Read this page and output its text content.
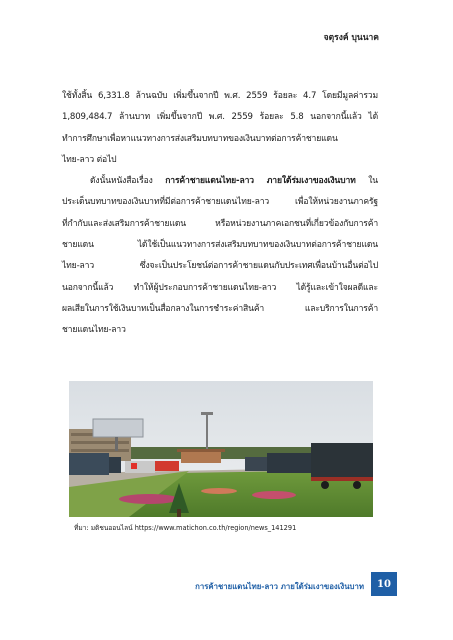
จตุรงค์ บุนนาค

ใช้ทั้งสิ้น 6,331.8 ล้านฉบับ เพิ่มขึ้นจากปี พ.ศ. 2559 ร้อยละ 4.7 โดยมีมูลค่ารวม
1,809,484.7 ล้านบาท เพิ่มขึ้นจากปี พ.ศ. 2559 ร้อยละ 5.8 นอกจากนี้แล้ว ได้
ทำการศึกษาเพื่อหาแนวทางการส่งเสริมบทบาทของเงินบาทต่อการค้าชายแดน
ไทย-ลาว ต่อไป

ดังนั้นหนังสือเรื่อง การค้าชายแดนไทย-ลาว ภายใต้ร่มเงาของเงินบาท ใน
ประเด็นบทบาทของเงินบาทที่มีต่อการค้าชายแดนไทย-ลาว เพื่อให้หน่วยงานภาครัฐ
ที่กำกับและส่งเสริมการค้าชายแดน หรือหน่วยงานภาคเอกชนที่เกี่ยวข้องกับการค้า
ชายแดน ได้ใช้เป็นแนวทางการส่งเสริมบทบาทของเงินบาทต่อการค้าชายแดน
ไทย-ลาว ซึ่งจะเป็นประโยชน์ต่อการค้าชายแดนกับประเทศเพื่อนบ้านอื่นต่อไป
นอกจากนี้แล้ว ทำให้ผู้ประกอบการค้าชายแดนไทย-ลาว ได้รู้และเข้าใจผลดีและ
ผลเสียในการใช้เงินบาทเป็นสื่อกลางในการชำระค่าสินค้า และบริการในการค้า
ชายแดนไทย-ลาว

ที่มา: มติชนออนไลน์ https://www.matichon.co.th/region/news_141291
การค้าชายแดนไทย-ลาว ภายใต้ร่มเงาของเงินบาท	10
